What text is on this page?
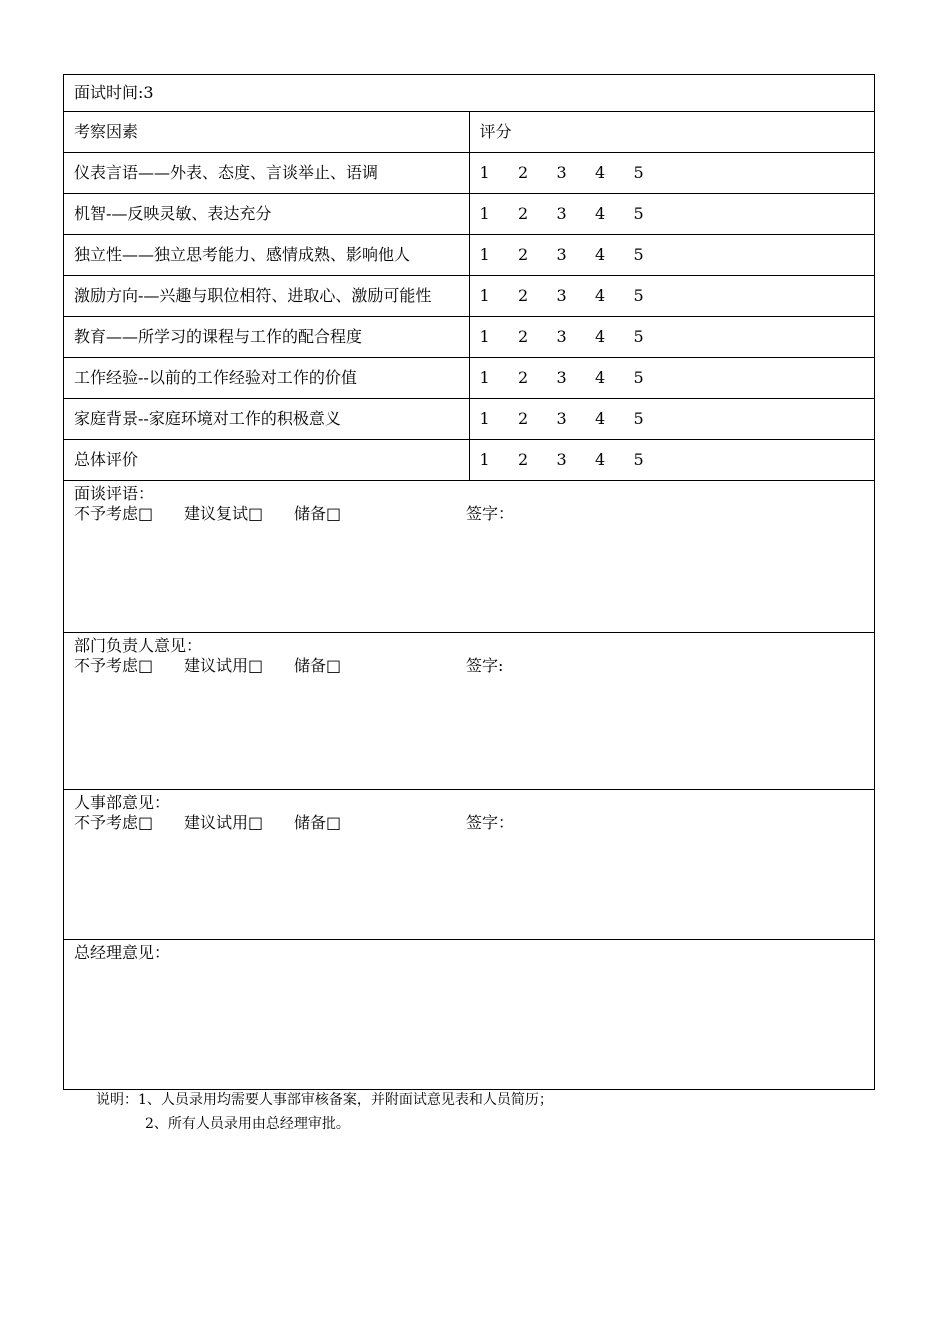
面试时间:3	
考察因素	评分
仪表言语——外表、态度、言谈举止、语调	1 2 3 4 5
机智-—反映灵敏、表达充分	1 2 3 4 5
独立性——独立思考能力、感情成熟、影响他人	1 2 3 4 5
激励方向-—兴趣与职位相符、进取心、激励可能性	1 2 3 4 5
教育——所学习的课程与工作的配合程度	1 2 3 4 5
工作经验--以前的工作经验对工作的价值	1 2 3 4 5
家庭背景--家庭环境对工作的积极意义	1 2 3 4 5
总体评价	1 2 3 4 5

面谈评语：
不予考虑□ 建议复试□ 储备□ 签字：	

部门负责人意见：
不予考虑□ 建议试用□ 储备□ 签字:	

人事部意见：
不予考虑□ 建议试用□ 储备□ 签字：	

总经理意见：	
说明：1、人员录用均需要人事部审核备案，并附面试意见表和人员简历；
2、所有人员录用由总经理审批。
